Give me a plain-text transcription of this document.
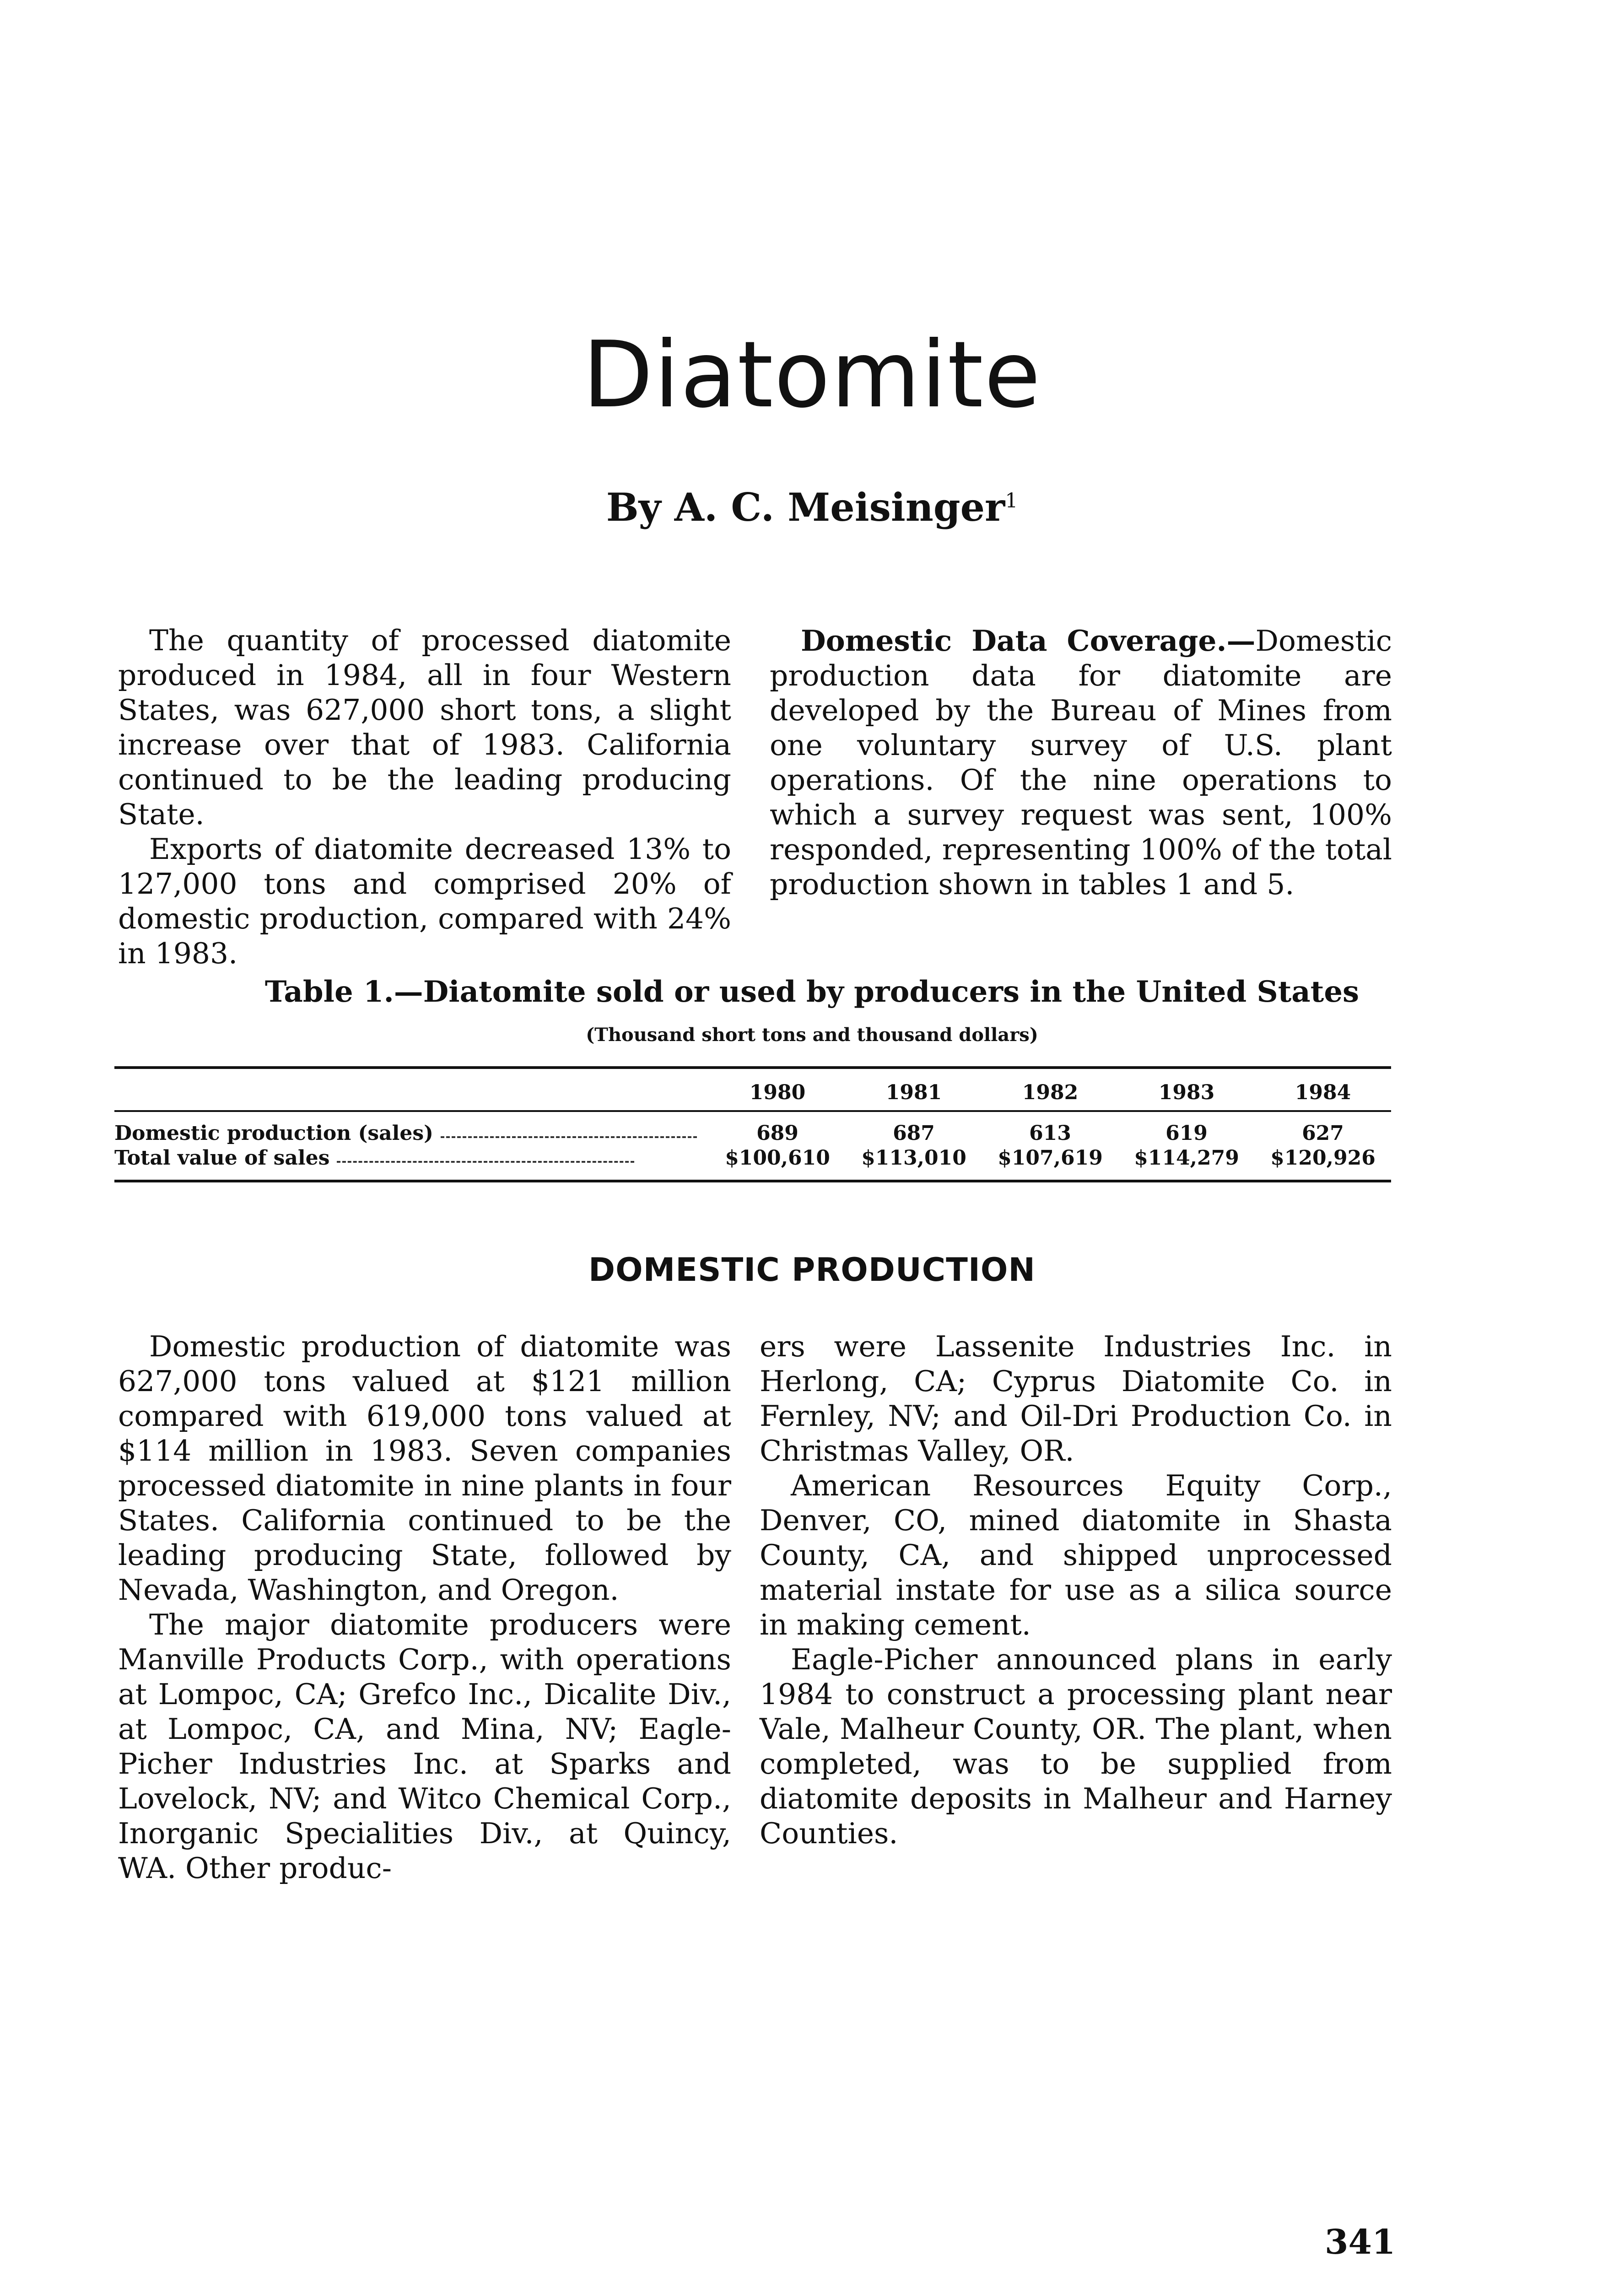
Diatomite
By A. C. Meisinger$^1$

The quantity of processed diatomite produced in 1984, all in four Western States, was 627,000 short tons, a slight increase over that of 1983. California continued to be the leading producing State.

Exports of diatomite decreased 13% to 127,000 tons and comprised 20% of domestic production, compared with 24% in 1983.

Domestic Data Coverage.—Domestic production data for diatomite are developed by the Bureau of Mines from one voluntary survey of U.S. plant operations. Of the nine operations to which a survey request was sent, 100% responded, representing 100% of the total production shown in tables 1 and 5.

Table 1.—Diatomite sold or used by producers in the United States
(Thousand short tons and thousand dollars)
	1980	1981	1982	1983	1984
Domestic production (sales)	689	687	613	619	627
Total value of sales	$100,610	$113,010	$107,619	$114,279	$120,926
DOMESTIC PRODUCTION

Domestic production of diatomite was 627,000 tons valued at $121 million compared with 619,000 tons valued at $114 million in 1983. Seven companies processed diatomite in nine plants in four States. California continued to be the leading producing State, followed by Nevada, Washington, and Oregon.

The major diatomite producers were Manville Products Corp., with operations at Lompoc, CA; Grefco Inc., Dicalite Div., at Lompoc, CA, and Mina, NV; Eagle-Picher Industries Inc. at Sparks and Lovelock, NV; and Witco Chemical Corp., Inorganic Specialities Div., at Quincy, WA. Other produc-

ers were Lassenite Industries Inc. in Herlong, CA; Cyprus Diatomite Co. in Fernley, NV; and Oil-Dri Production Co. in Christmas Valley, OR.

American Resources Equity Corp., Denver, CO, mined diatomite in Shasta County, CA, and shipped unprocessed material instate for use as a silica source in making cement.

Eagle-Picher announced plans in early 1984 to construct a processing plant near Vale, Malheur County, OR. The plant, when completed, was to be supplied from diatomite deposits in Malheur and Harney Counties.

341
